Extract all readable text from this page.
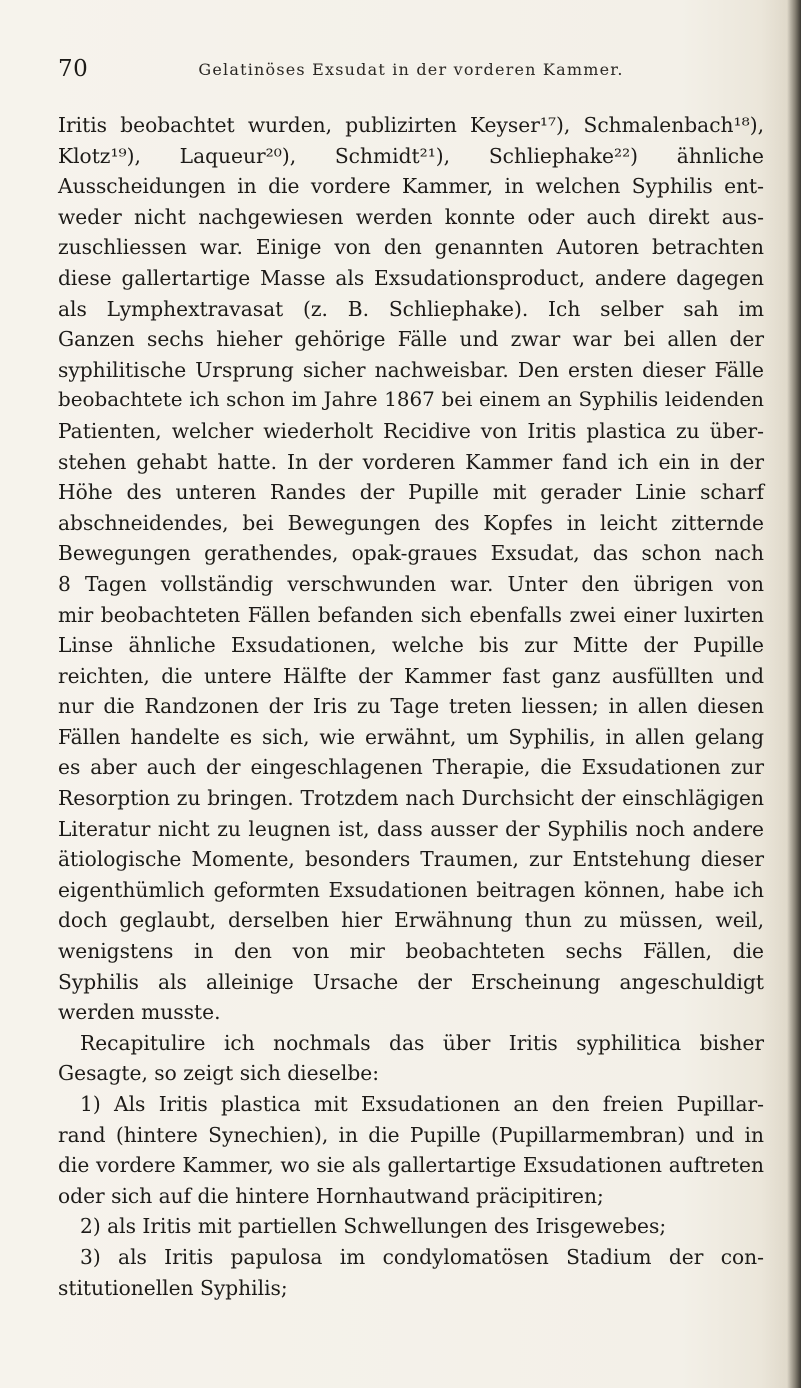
70	Gelatinöses Exsudat in der vorderen Kammer.
Iritis beobachtet wurden, publizirten Keyser¹⁷), Schmalenbach¹⁸),
Klotz¹⁹), Laqueur²⁰), Schmidt²¹), Schliephake²²) ähnliche
Ausscheidungen in die vordere Kammer, in welchen Syphilis ent-
weder nicht nachgewiesen werden konnte oder auch direkt aus-
zuschliessen war. Einige von den genannten Autoren betrachten
diese gallertartige Masse als Exsudationsproduct, andere dagegen
als Lymphextravasat (z. B. Schliephake). Ich selber sah im
Ganzen sechs hieher gehörige Fälle und zwar war bei allen der
syphilitische Ursprung sicher nachweisbar. Den ersten dieser Fälle
beobachtete ich schon im Jahre 1867 bei einem an Syphilis leidenden
Patienten, welcher wiederholt Recidive von Iritis plastica zu über-
stehen gehabt hatte. In der vorderen Kammer fand ich ein in der
Höhe des unteren Randes der Pupille mit gerader Linie scharf
abschneidendes, bei Bewegungen des Kopfes in leicht zitternde
Bewegungen gerathendes, opak-graues Exsudat, das schon nach
8 Tagen vollständig verschwunden war. Unter den übrigen von
mir beobachteten Fällen befanden sich ebenfalls zwei einer luxirten
Linse ähnliche Exsudationen, welche bis zur Mitte der Pupille
reichten, die untere Hälfte der Kammer fast ganz ausfüllten und
nur die Randzonen der Iris zu Tage treten liessen; in allen diesen
Fällen handelte es sich, wie erwähnt, um Syphilis, in allen gelang
es aber auch der eingeschlagenen Therapie, die Exsudationen zur
Resorption zu bringen. Trotzdem nach Durchsicht der einschlägigen
Literatur nicht zu leugnen ist, dass ausser der Syphilis noch andere
ätiologische Momente, besonders Traumen, zur Entstehung dieser
eigenthümlich geformten Exsudationen beitragen können, habe ich
doch geglaubt, derselben hier Erwähnung thun zu müssen, weil,
wenigstens in den von mir beobachteten sechs Fällen, die
Syphilis als alleinige Ursache der Erscheinung angeschuldigt
werden musste.
Recapitulire ich nochmals das über Iritis syphilitica bisher
Gesagte, so zeigt sich dieselbe:
1) Als Iritis plastica mit Exsudationen an den freien Pupillar-
rand (hintere Synechien), in die Pupille (Pupillarmembran) und in
die vordere Kammer, wo sie als gallertartige Exsudationen auftreten
oder sich auf die hintere Hornhautwand präcipitiren;
2) als Iritis mit partiellen Schwellungen des Irisgewebes;
3) als Iritis papulosa im condylomatösen Stadium der con-
stitutionellen Syphilis;
